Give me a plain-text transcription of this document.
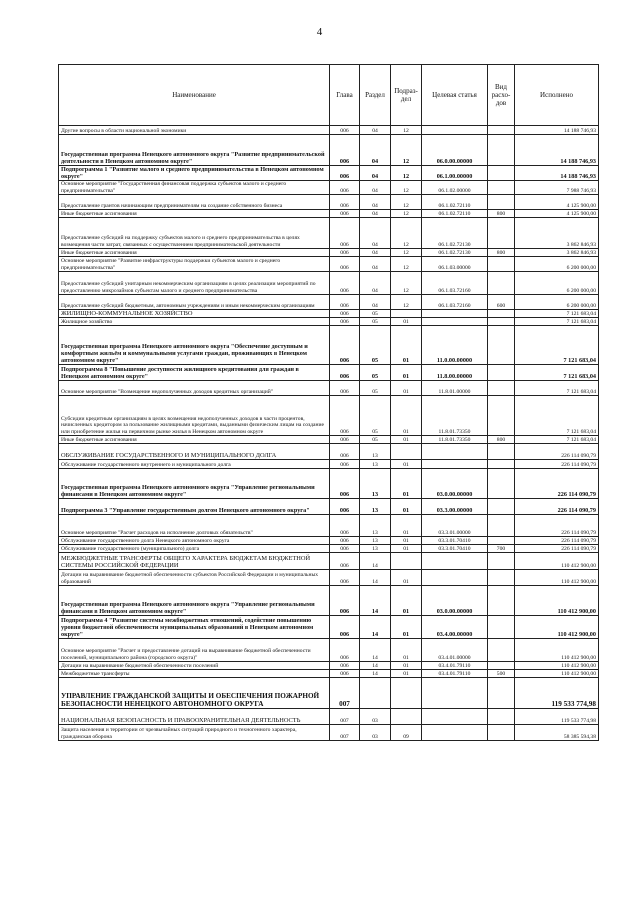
4
Наименование	Глава	Раздел	Подраз-дел	Целевая статья	Вид расхо-дов	Исполнено
Другие вопросы в области национальной экономики	006	04	12			14 188 746,93
Государственная программа Ненецкого автономного округа "Развитие предпринимательской деятельности в Ненецком автономном округе"	006	04	12	06.0.00.00000		14 188 746,93
Подпрограмма 1 "Развитие малого и среднего предпринимательства в Ненецком автономном округе"	006	04	12	06.1.00.00000		14 188 746,93
Основное мероприятие "Государственная финансовая поддержка субъектов малого и среднего предпринимательства"	006	04	12	06.1.02.00000		7 988 746,93
Предоставление грантов начинающим предпринимателям на создание собственного бизнеса	006	04	12	06.1.02.72110		4 125 900,00
Иные бюджетные ассигнования	006	04	12	06.1.02.72110	800	4 125 900,00
Предоставление субсидий на поддержку субъектов малого и среднего предпринимательства в целях возмещения части затрат, связанных с осуществлением предпринимательской деятельности	006	04	12	06.1.02.72130		3 862 846,93
Иные бюджетные ассигнования	006	04	12	06.1.02.72130	800	3 862 846,93
Основное мероприятие "Развитие инфраструктуры поддержки субъектов малого и среднего предпринимательства"	006	04	12	06.1.03.00000		6 200 000,00
Предоставление субсидий унитарным некоммерческим организациям в целях реализации мероприятий по предоставлению микрозаймов субъектам малого и среднего предпринимательства	006	04	12	06.1.03.72160		6 200 000,00
Предоставление субсидий бюджетным, автономным учреждениям и иным некоммерческим организациям	006	04	12	06.1.03.72160	600	6 200 000,00
ЖИЛИЩНО-КОММУНАЛЬНОЕ ХОЗЯЙСТВО	006	05				7 121 683,04
Жилищное хозяйство	006	05	01			7 121 683,04
Государственная программа Ненецкого автономного округа "Обеспечение доступным и комфортным жильём и коммунальными услугами граждан, проживающих в Ненецком автономном округе"	006	05	01	11.0.00.00000		7 121 683,04
Подпрограмма 8 "Повышение доступности жилищного кредитования для граждан в Ненецком автономном округе"	006	05	01	11.8.00.00000		7 121 683,04
Основное мероприятие "Возмещение недополученных доходов кредитных организаций"	006	05	01	11.8.01.00000		7 121 683,04
Субсидии кредитным организациям в целях возмещения недополученных доходов в части процентов, начисленных кредитором за пользование жилищными кредитами, выданными физическим лицам на создание или приобретение жилья на первичном рынке жилья в Ненецком автономном округе	006	05	01	11.8.01.73350		7 121 683,04
Иные бюджетные ассигнования	006	05	01	11.8.01.73350	800	7 121 683,04
ОБСЛУЖИВАНИЕ ГОСУДАРСТВЕННОГО И МУНИЦИПАЛЬНОГО ДОЛГА	006	13				226 114 090,79
Обслуживание государственного внутреннего и муниципального долга	006	13	01			226 114 090,79
Государственная программа Ненецкого автономного округа "Управление региональными финансами в Ненецком автономном округе"	006	13	01	03.0.00.00000		226 114 090,79
Подпрограмма 3 "Управление государственным долгом Ненецкого автономного округа"	006	13	01	03.3.00.00000		226 114 090,79
Основное мероприятие "Расчет расходов на исполнение долговых обязательств"	006	13	01	03.3.01.00000		226 114 090,79
Обслуживание государственного долга Ненецкого автономного округа	006	13	01	03.3.01.70410		226 114 090,79
Обслуживание государственного (муниципального) долга	006	13	01	03.3.01.70410	700	226 114 090,79
МЕЖБЮДЖЕТНЫЕ ТРАНСФЕРТЫ ОБЩЕГО ХАРАКТЕРА БЮДЖЕТАМ БЮДЖЕТНОЙ СИСТЕМЫ РОССИЙСКОЙ ФЕДЕРАЦИИ	006	14				110 412 900,00
Дотации на выравнивание бюджетной обеспеченности субъектов Российской Федерации и муниципальных образований	006	14	01			110 412 900,00
Государственная программа Ненецкого автономного округа "Управление региональными финансами в Ненецком автономном округе"	006	14	01	03.0.00.00000		110 412 900,00
Подпрограмма 4 "Развитие системы межбюджетных отношений, содействие повышению уровня бюджетной обеспеченности муниципальных образований в Ненецком автономном округе"	006	14	01	03.4.00.00000		110 412 900,00
Основное мероприятие "Расчет и предоставление дотаций на выравнивание бюджетной обеспеченности поселений, муниципального района (городского округа)"	006	14	01	03.4.01.00000		110 412 900,00
Дотации на выравнивание бюджетной обеспеченности поселений	006	14	01	03.4.01.79110		110 412 900,00
Межбюджетные трансферты	006	14	01	03.4.01.79110	500	110 412 900,00
УПРАВЛЕНИЕ ГРАЖДАНСКОЙ ЗАЩИТЫ И ОБЕСПЕЧЕНИЯ ПОЖАРНОЙ БЕЗОПАСНОСТИ НЕНЕЦКОГО АВТОНОМНОГО ОКРУГА	007					119 533 774,98
НАЦИОНАЛЬНАЯ БЕЗОПАСНОСТЬ И ПРАВООХРАНИТЕЛЬНАЯ ДЕЯТЕЛЬНОСТЬ	007	03				119 533 774,98
Защита населения и территории от чрезвычайных ситуаций природного и техногенного характера, гражданская оборона	007	03	09			58 385 594,38
